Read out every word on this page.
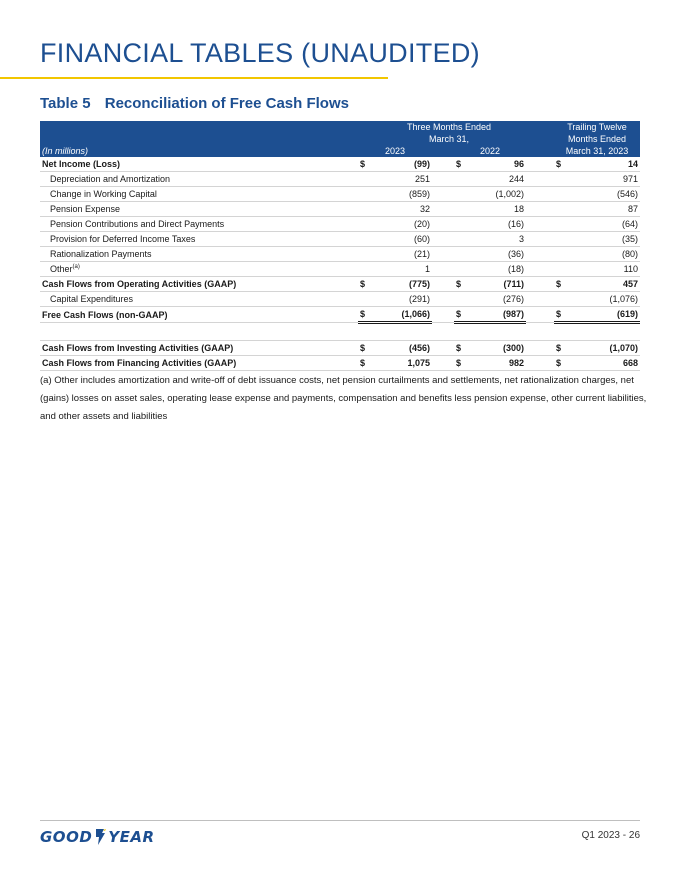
FINANCIAL TABLES (UNAUDITED)
Table 5 Reconciliation of Free Cash Flows
		Three Months Ended					Trailing Twelve	
		March 31,					Months Ended	
(In millions)	2023			2022			March 31, 2023	
Net Income (Loss)	$	(99)		$	96		$	14
Depreciation and Amortization		251			244			971
Change in Working Capital		(859)			(1,002)			(546)
Pension Expense		32			18			87
Pension Contributions and Direct Payments		(20)			(16)			(64)
Provision for Deferred Income Taxes		(60)			3			(35)
Rationalization Payments		(21)			(36)			(80)
Other$^{(a)}$		1			(18)			110
Cash Flows from Operating Activities (GAAP)	$	(775)		$	(711)		$	457
Capital Expenditures		(291)			(276)			(1,076)
Free Cash Flows (non-GAAP)	$	(1,066)		$	(987)		$	(619)

Cash Flows from Investing Activities (GAAP)	$	(456)		$	(300)		$	(1,070)
Cash Flows from Financing Activities (GAAP)	$	1,075		$	982		$	668

(a) Other includes amortization and write-off of debt issuance costs, net pension curtailments and settlements, net rationalization charges, net (gains) losses on asset sales, operating lease expense and payments, compensation and benefits less pension expense, other current liabilities, and other assets and liabilities

GOOD YEAR	Q1 2023 - 26
